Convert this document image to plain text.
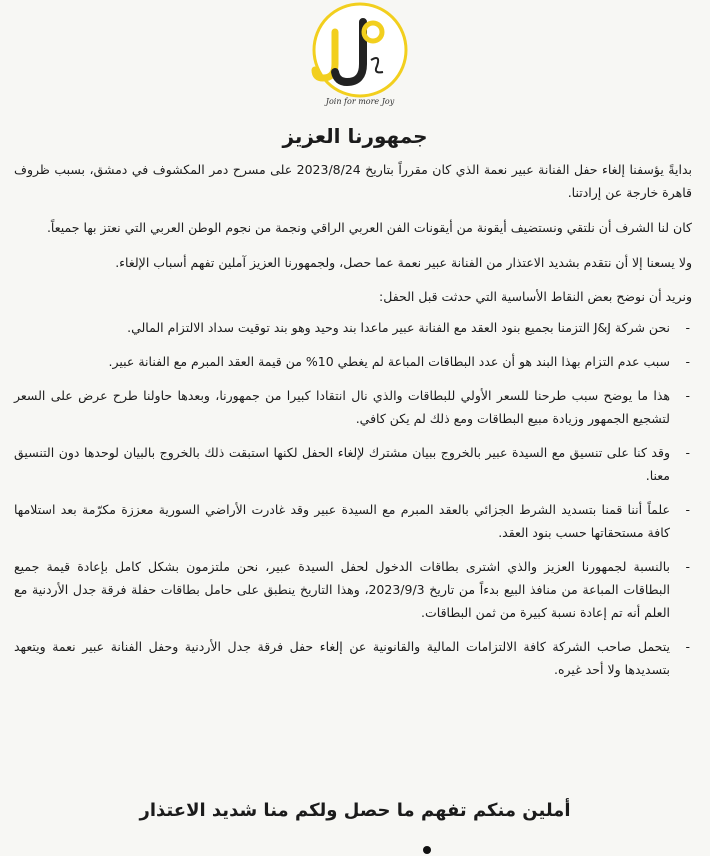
Join for more Joy
جمهورنا العزيز

بدايةً يؤسفنا إلغاء حفل الفنانة عبير نعمة الذي كان مقرراً بتاريخ 2023/8/24 على مسرح دمر المكشوف في دمشق، بسبب ظروف قاهرة خارجة عن إرادتنا.

كان لنا الشرف أن نلتقي ونستضيف أيقونة من أيقونات الفن العربي الراقي ونجمة من نجوم الوطن العربي التي نعتز بها جميعاً.

ولا يسعنا إلا أن نتقدم بشديد الاعتذار من الفنانة عبير نعمة عما حصل، ولجمهورنا العزيز آملين تفهم أسباب الإلغاء.

ونريد أن نوضح بعض النقاط الأساسية التي حدثت قبل الحفل:

-
نحن شركة J&J التزمنا بجميع بنود العقد مع الفنانة عبير ماعدا بند وحيد وهو بند توقيت سداد الالتزام المالي.
-
سبب عدم التزام بهذا البند هو أن عدد البطاقات المباعة لم يغطي 10% من قيمة العقد المبرم مع الفنانة عبير.
-
هذا ما يوضح سبب طرحنا للسعر الأولي للبطاقات والذي نال انتقادا كبيرا من جمهورنا، وبعدها حاولنا طرح عرض على السعر لتشجيع الجمهور وزيادة مبيع البطاقات ومع ذلك لم يكن كافي.
-
وقد كنا على تنسيق مع السيدة عبير بالخروج ببيان مشترك لإلغاء الحفل لكنها استبقت ذلك بالخروج بالبيان لوحدها دون التنسيق معنا.
-
علماً أننا قمنا بتسديد الشرط الجزائي بالعقد المبرم مع السيدة عبير وقد غادرت الأراضي السورية معززة مكرّمة بعد استلامها كافة مستحقاتها حسب بنود العقد.
-
بالنسبة لجمهورنا العزيز والذي اشترى بطاقات الدخول لحفل السيدة عبير، نحن ملتزمون بشكل كامل بإعادة قيمة جميع البطاقات المباعة من منافذ البيع بدءاً من تاريخ 2023/9/3، وهذا التاريخ ينطبق على حامل بطاقات حفلة فرقة جدل الأردنية مع العلم أنه تم إعادة نسبة كبيرة من ثمن البطاقات.
-
يتحمل صاحب الشركة كافة الالتزامات المالية والقانونية عن إلغاء حفل فرقة جدل الأردنية وحفل الفنانة عبير نعمة ويتعهد بتسديدها ولا أحد غيره.
أملين منكم تفهم ما حصل ولكم منا شديد الاعتذار
